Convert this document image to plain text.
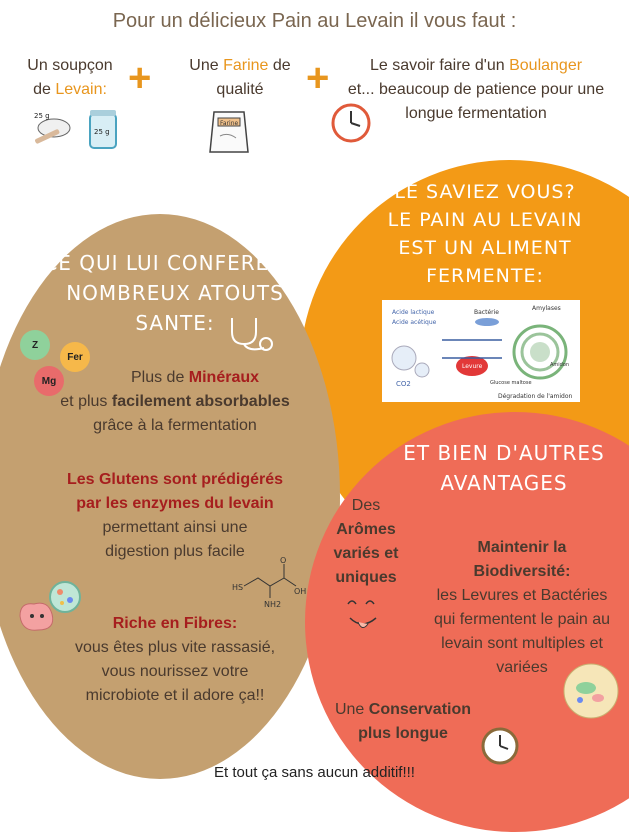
Pour un délicieux Pain au Levain il vous faut :
Un soupçon
de Levain: +
25 g
25 g
Une Farine de
qualité	+
Farine
Le savoir faire d'un Boulanger
et... beaucoup de patience pour une
longue fermentation
LE SAVIEZ VOUS?
LE PAIN AU LEVAIN
EST UN ALIMENT
FERMENTE:
Acide lactique
Acide acétique
Bactérie
Amylases
CO2
Levure
Glucose maltose
Amidon
Dégradation de l'amidon
CE QUI LUI CONFERE DE
NOMBREUX ATOUTS
SANTE:
Z
Fer
Mg	Plus de Minéraux
et plus facilement absorbables
grâce à la fermentation
Les Glutens sont prédigérés
par les enzymes du levain
permettant ainsi une
digestion plus facile
HS
NH2
O
OH
Riche en Fibres:
vous êtes plus vite rassasié,
vous nourissez votre
microbiote et il adore ça!!
ET BIEN D'AUTRES
AVANTAGES
Des
Arômes
variés et
uniques
Maintenir la
Biodiversité:
les Levures et Bactéries
qui fermentent le pain au
levain sont multiples et
variées
Une Conservation
plus longue
Et tout ça sans aucun additif!!!
